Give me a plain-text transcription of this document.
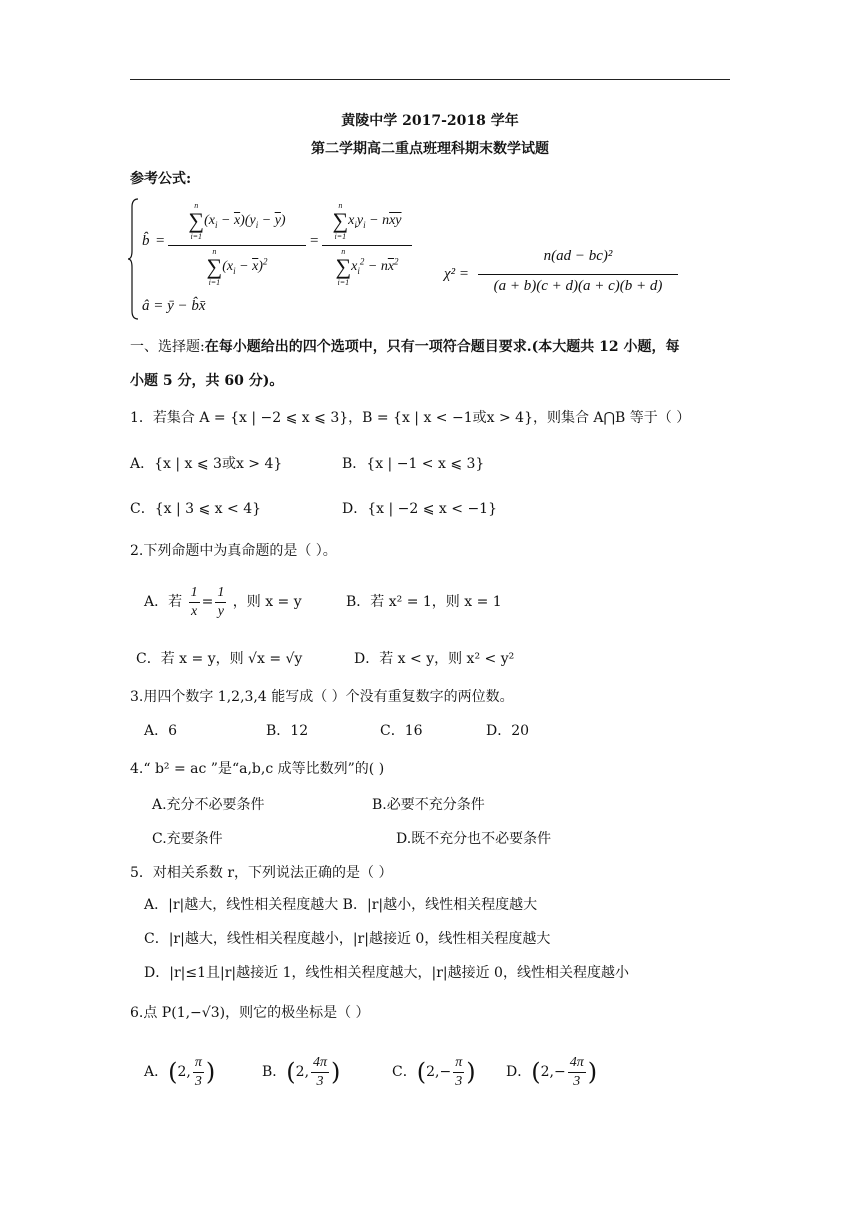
黄陵中学 2017-2018 学年
第二学期高二重点班理科期末数学试题
参考公式:
b̂ =
n
∑
i=1
$(x_i - \overline{x})(y_i - \overline{y})$
n
∑
i=1
$(x_i - \overline{x})^2$
=
n
∑
i=1
$x_iy_i - n\overline{xy}$
n
∑
i=1
$x_i^2 - n\overline{x}^2$
â = ȳ − b̂x̄
χ² =
n(ad − bc)²
(a + b)(c + d)(a + c)(b + d)
一、选择题:在每小题给出的四个选项中，只有一项符合题目要求.(本大题共 12 小题，每
小题 5 分，共 60 分)。
1．若集合 A = {x | −2 ⩽ x ⩽ 3}，B = {x | x < −1或x > 4}，则集合 A⋂B 等于（ ）
A．{x | x ⩽ 3或x > 4}	B．{x | −1 < x ⩽ 3}
C．{x | 3 ⩽ x < 4}	D．{x | −2 ⩽ x < −1}
2.下列命题中为真命题的是（ ）。
A．若 $\frac{1}{x} = \frac{1}{y}$ ，则 x = y	B．若 x² = 1，则 x = 1
C．若 x = y，则 √x = √y	D．若 x < y，则 x² < y²
3.用四个数字 1,2,3,4 能写成（ ）个没有重复数字的两位数。
A．6	B．12	C．16	D．20
4.“ b² = ac ”是“a,b,c 成等比数列”的( )
A.充分不必要条件	B.必要不充分条件
C.充要条件	D.既不充分也不必要条件
5．对相关系数 r，下列说法正确的是（ ）
A．|r|越大，线性相关程度越大 B．|r|越小，线性相关程度越大
C．|r|越大，线性相关程度越小，|r|越接近 0，线性相关程度越大
D．|r|≤1且|r|越接近 1，线性相关程度越大，|r|越接近 0，线性相关程度越小
6.点 P(1,−√3)，则它的极坐标是（ ）
A．(2, $\frac{\pi}{3}$ )	B．(2, $\frac{4\pi}{3}$ )	C．($2,- \frac{\pi}{3}$ ) D．($2,- \frac{4\pi}{3}$ )
